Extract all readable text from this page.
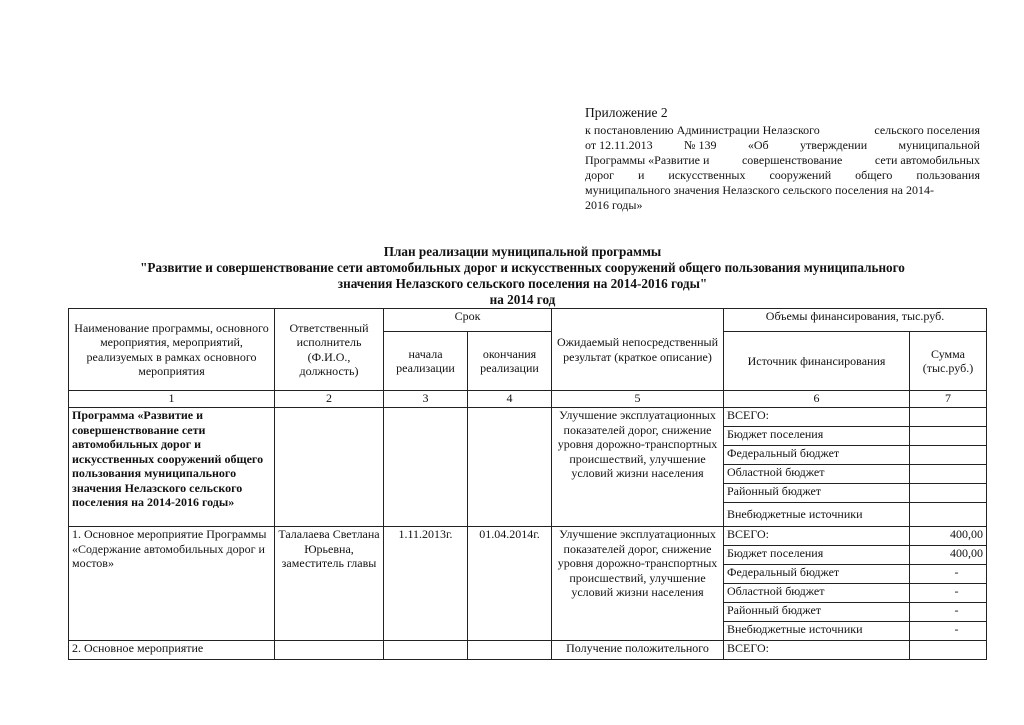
Приложение 2
к постановлению Администрации Нелазского	сельского поселения
от 12.11.2013	№ 139	«Об	утверждении	муниципальной
Программы «Развитие и	совершенствование	сети автомобильных
дорог и искусственных сооружений общего пользования
муниципального значения Нелазского сельского поселения на 2014-
2016 годы»
План реализации муниципальной программы
"Развитие и совершенствование сети автомобильных дорог и искусственных сооружений общего пользования муниципального
значения Нелазского сельского поселения на 2014-2016 годы"
на 2014 год
Наименование программы, основного мероприятия, мероприятий, реализуемых в рамках основного мероприятия	Ответственный исполнитель (Ф.И.О., должность)	Срок		Ожидаемый непосредственный результат (краткое описание)	Объемы финансирования, тыс.руб.	
		начала реализации	окончания реализации		Источник финансирования	Сумма (тыс.руб.)
1	2	3	4	5	6	7
Программа «Развитие и совершенствование сети автомобильных дорог и искусственных сооружений общего пользования муниципального значения Нелазского сельского поселения на 2014-2016 годы»				Улучшение эксплуатационных показателей дорог, снижение уровня дорожно-транспортных происшествий, улучшение условий жизни населения	ВСЕГО:	
					Бюджет поселения	
					Федеральный бюджет	
					Областной бюджет	
					Районный бюджет	
					Внебюджетные источники	
1. Основное мероприятие Программы «Содержание автомобильных дорог и мостов»	Талалаева Светлана Юрьевна, заместитель главы	1.11.2013г.	01.04.2014г.	Улучшение эксплуатационных показателей дорог, снижение уровня дорожно-транспортных происшествий, улучшение условий жизни населения	ВСЕГО:	400,00
					Бюджет поселения	400,00
					Федеральный бюджет	-
					Областной бюджет	-
					Районный бюджет	-
					Внебюджетные источники	-
2. Основное мероприятие				Получение положительного	ВСЕГО:	
